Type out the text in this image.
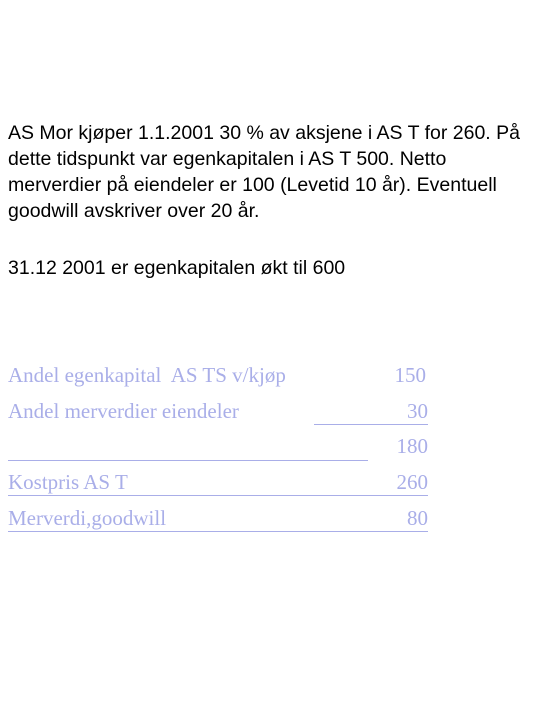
AS Mor kjøper 1.1.2001 30 % av aksjene i AS T for 260. På dette tidspunkt var egenkapitalen i AS T 500. Netto merverdier på eiendeler er 100 (Levetid 10 år). Eventuell goodwill avskriver over 20 år.
31.12 2001 er egenkapitalen økt til 600
Andel egenkapital  AS TS v/kjøp	150
Andel merverdier eiendeler	30
180
Kostpris AS T	260
Merverdi,goodwill	80
